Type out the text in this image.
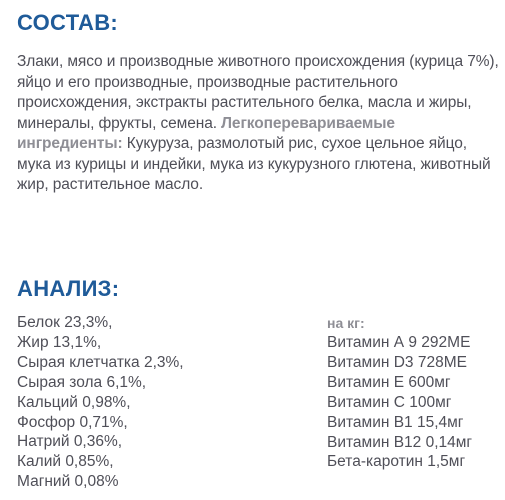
СОСТАВ:
Злаки, мясо и производные животного происхождения (курица 7%), яйцо и его производные, производные растительного происхождения, экстракты растительного белка, масла и жиры, минералы, фрукты, семена. Легкоперевариваемые ингредиенты: Кукуруза, размолотый рис, сухое цельное яйцо, мука из курицы и индейки, мука из кукурузного глютена, животный жир, растительное масло.
АНАЛИЗ:
Белок 23,3%,
Жир 13,1%,
Сырая клетчатка 2,3%,
Сырая зола 6,1%,
Кальций 0,98%,
Фосфор 0,71%,
Натрий 0,36%,
Калий 0,85%,
Магний 0,08%
на кг:
Витамин А 9 292МЕ
Витамин D3 728МЕ
Витамин Е 600мг
Витамин С 100мг
Витамин В1 15,4мг
Витамин В12 0,14мг
Бета-каротин 1,5мг
